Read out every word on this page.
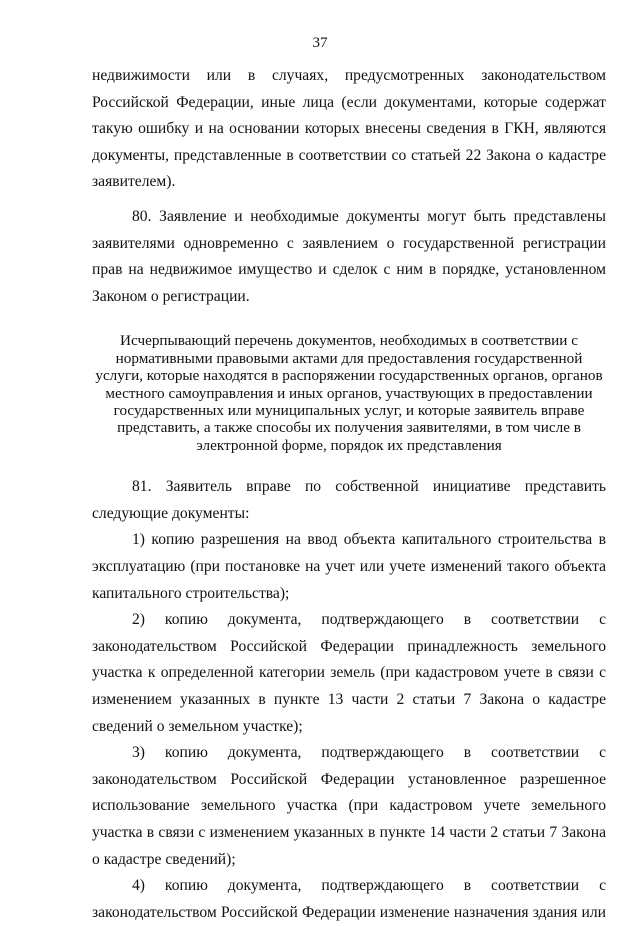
37

недвижимости или в случаях, предусмотренных законодательством Российской Федерации, иные лица (если документами, которые содержат такую ошибку и на основании которых внесены сведения в ГКН, являются документы, представленные в соответствии со статьей 22 Закона о кадастре заявителем).

80. Заявление и необходимые документы могут быть представлены заявителями одновременно с заявлением о государственной регистрации прав на недвижимое имущество и сделок с ним в порядке, установленном Законом о регистрации.

Исчерпывающий перечень документов, необходимых в соответствии с нормативными правовыми актами для предоставления государственной услуги, которые находятся в распоряжении государственных органов, органов местного самоуправления и иных органов, участвующих в предоставлении государственных или муниципальных услуг, и которые заявитель вправе представить, а также способы их получения заявителями, в том числе в электронной форме, порядок их представления

81. Заявитель вправе по собственной инициативе представить следующие документы:

1) копию разрешения на ввод объекта капитального строительства в эксплуатацию (при постановке на учет или учете изменений такого объекта капитального строительства);

2) копию документа, подтверждающего в соответствии с законодательством Российской Федерации принадлежность земельного участка к определенной категории земель (при кадастровом учете в связи с изменением указанных в пункте 13 части 2 статьи 7 Закона о кадастре сведений о земельном участке);

3) копию документа, подтверждающего в соответствии с законодательством Российской Федерации установленное разрешенное использование земельного участка (при кадастровом учете земельного участка в связи с изменением указанных в пункте 14 части 2 статьи 7 Закона о кадастре сведений);

4) копию документа, подтверждающего в соответствии с законодательством Российской Федерации изменение назначения здания или
